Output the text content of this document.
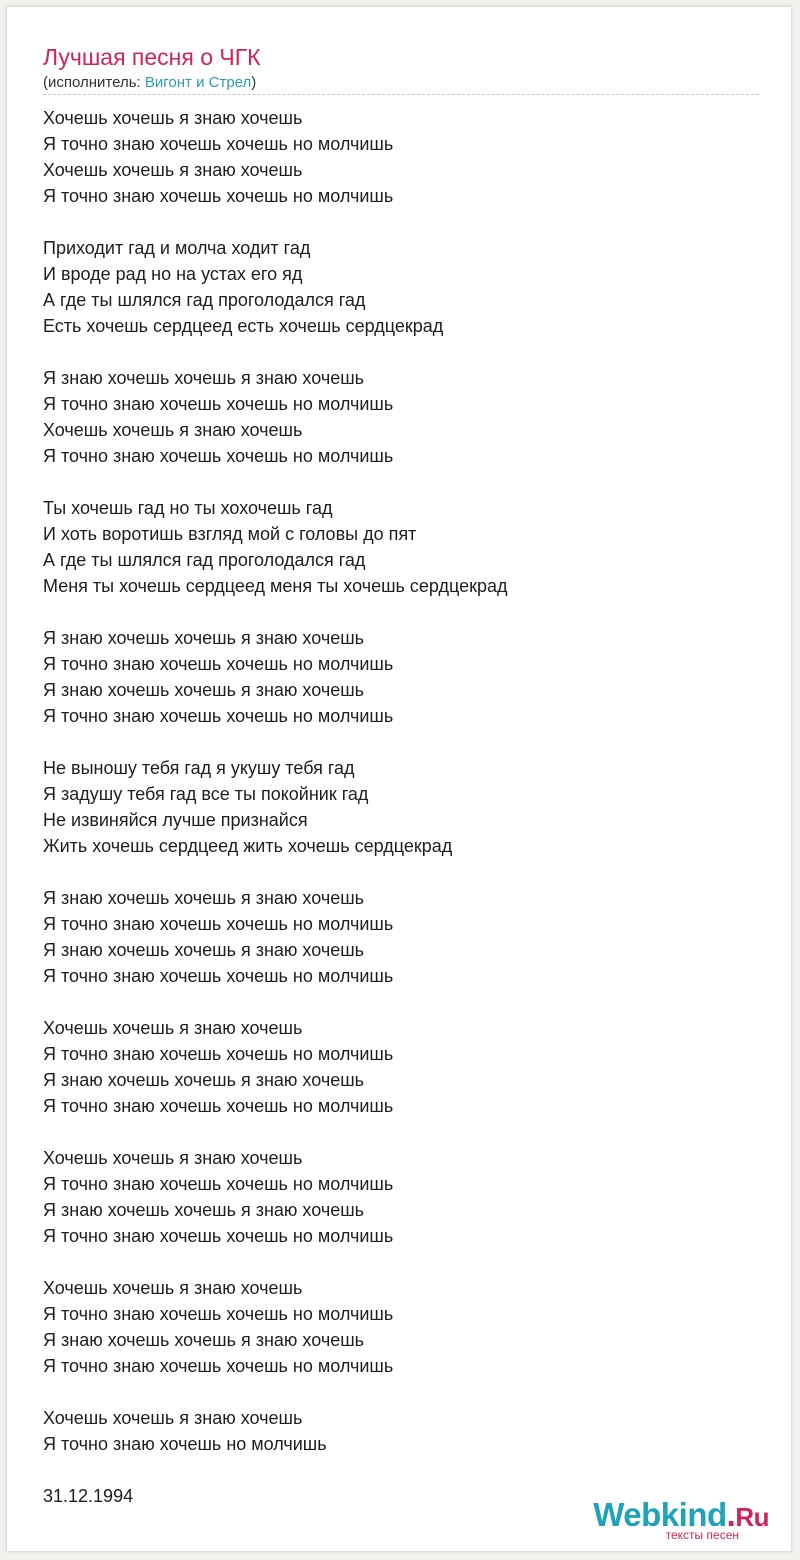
Лучшая песня о ЧГК
(исполнитель: Вигонт и Стрел)
Хочешь хочешь я знаю хочешь
Я точно знаю хочешь хочешь но молчишь
Хочешь хочешь я знаю хочешь
Я точно знаю хочешь хочешь но молчишь
Приходит гад и молча ходит гад
И вроде рад но на устах его яд
А где ты шлялся гад проголодался гад
Есть хочешь сердцеед есть хочешь сердцекрад
Я знаю хочешь хочешь я знаю хочешь
Я точно знаю хочешь хочешь но молчишь
Хочешь хочешь я знаю хочешь
Я точно знаю хочешь хочешь но молчишь
Ты хочешь гад но ты хохочешь гад
И хоть воротишь взгляд мой с головы до пят
А где ты шлялся гад проголодался гад
Меня ты хочешь сердцеед меня ты хочешь сердцекрад
Я знаю хочешь хочешь я знаю хочешь
Я точно знаю хочешь хочешь но молчишь
Я знаю хочешь хочешь я знаю хочешь
Я точно знаю хочешь хочешь но молчишь
Не выношу тебя гад я укушу тебя гад
Я задушу тебя гад все ты покойник гад
Не извиняйся лучше признайся
Жить хочешь сердцеед жить хочешь сердцекрад
Я знаю хочешь хочешь я знаю хочешь
Я точно знаю хочешь хочешь но молчишь
Я знаю хочешь хочешь я знаю хочешь
Я точно знаю хочешь хочешь но молчишь
Хочешь хочешь я знаю хочешь
Я точно знаю хочешь хочешь но молчишь
Я знаю хочешь хочешь я знаю хочешь
Я точно знаю хочешь хочешь но молчишь
Хочешь хочешь я знаю хочешь
Я точно знаю хочешь хочешь но молчишь
Я знаю хочешь хочешь я знаю хочешь
Я точно знаю хочешь хочешь но молчишь
Хочешь хочешь я знаю хочешь
Я точно знаю хочешь хочешь но молчишь
Я знаю хочешь хочешь я знаю хочешь
Я точно знаю хочешь хочешь но молчишь
Хочешь хочешь я знаю хочешь
Я точно знаю хочешь но молчишь
31.12.1994	Webkind.Ru
тексты песен
